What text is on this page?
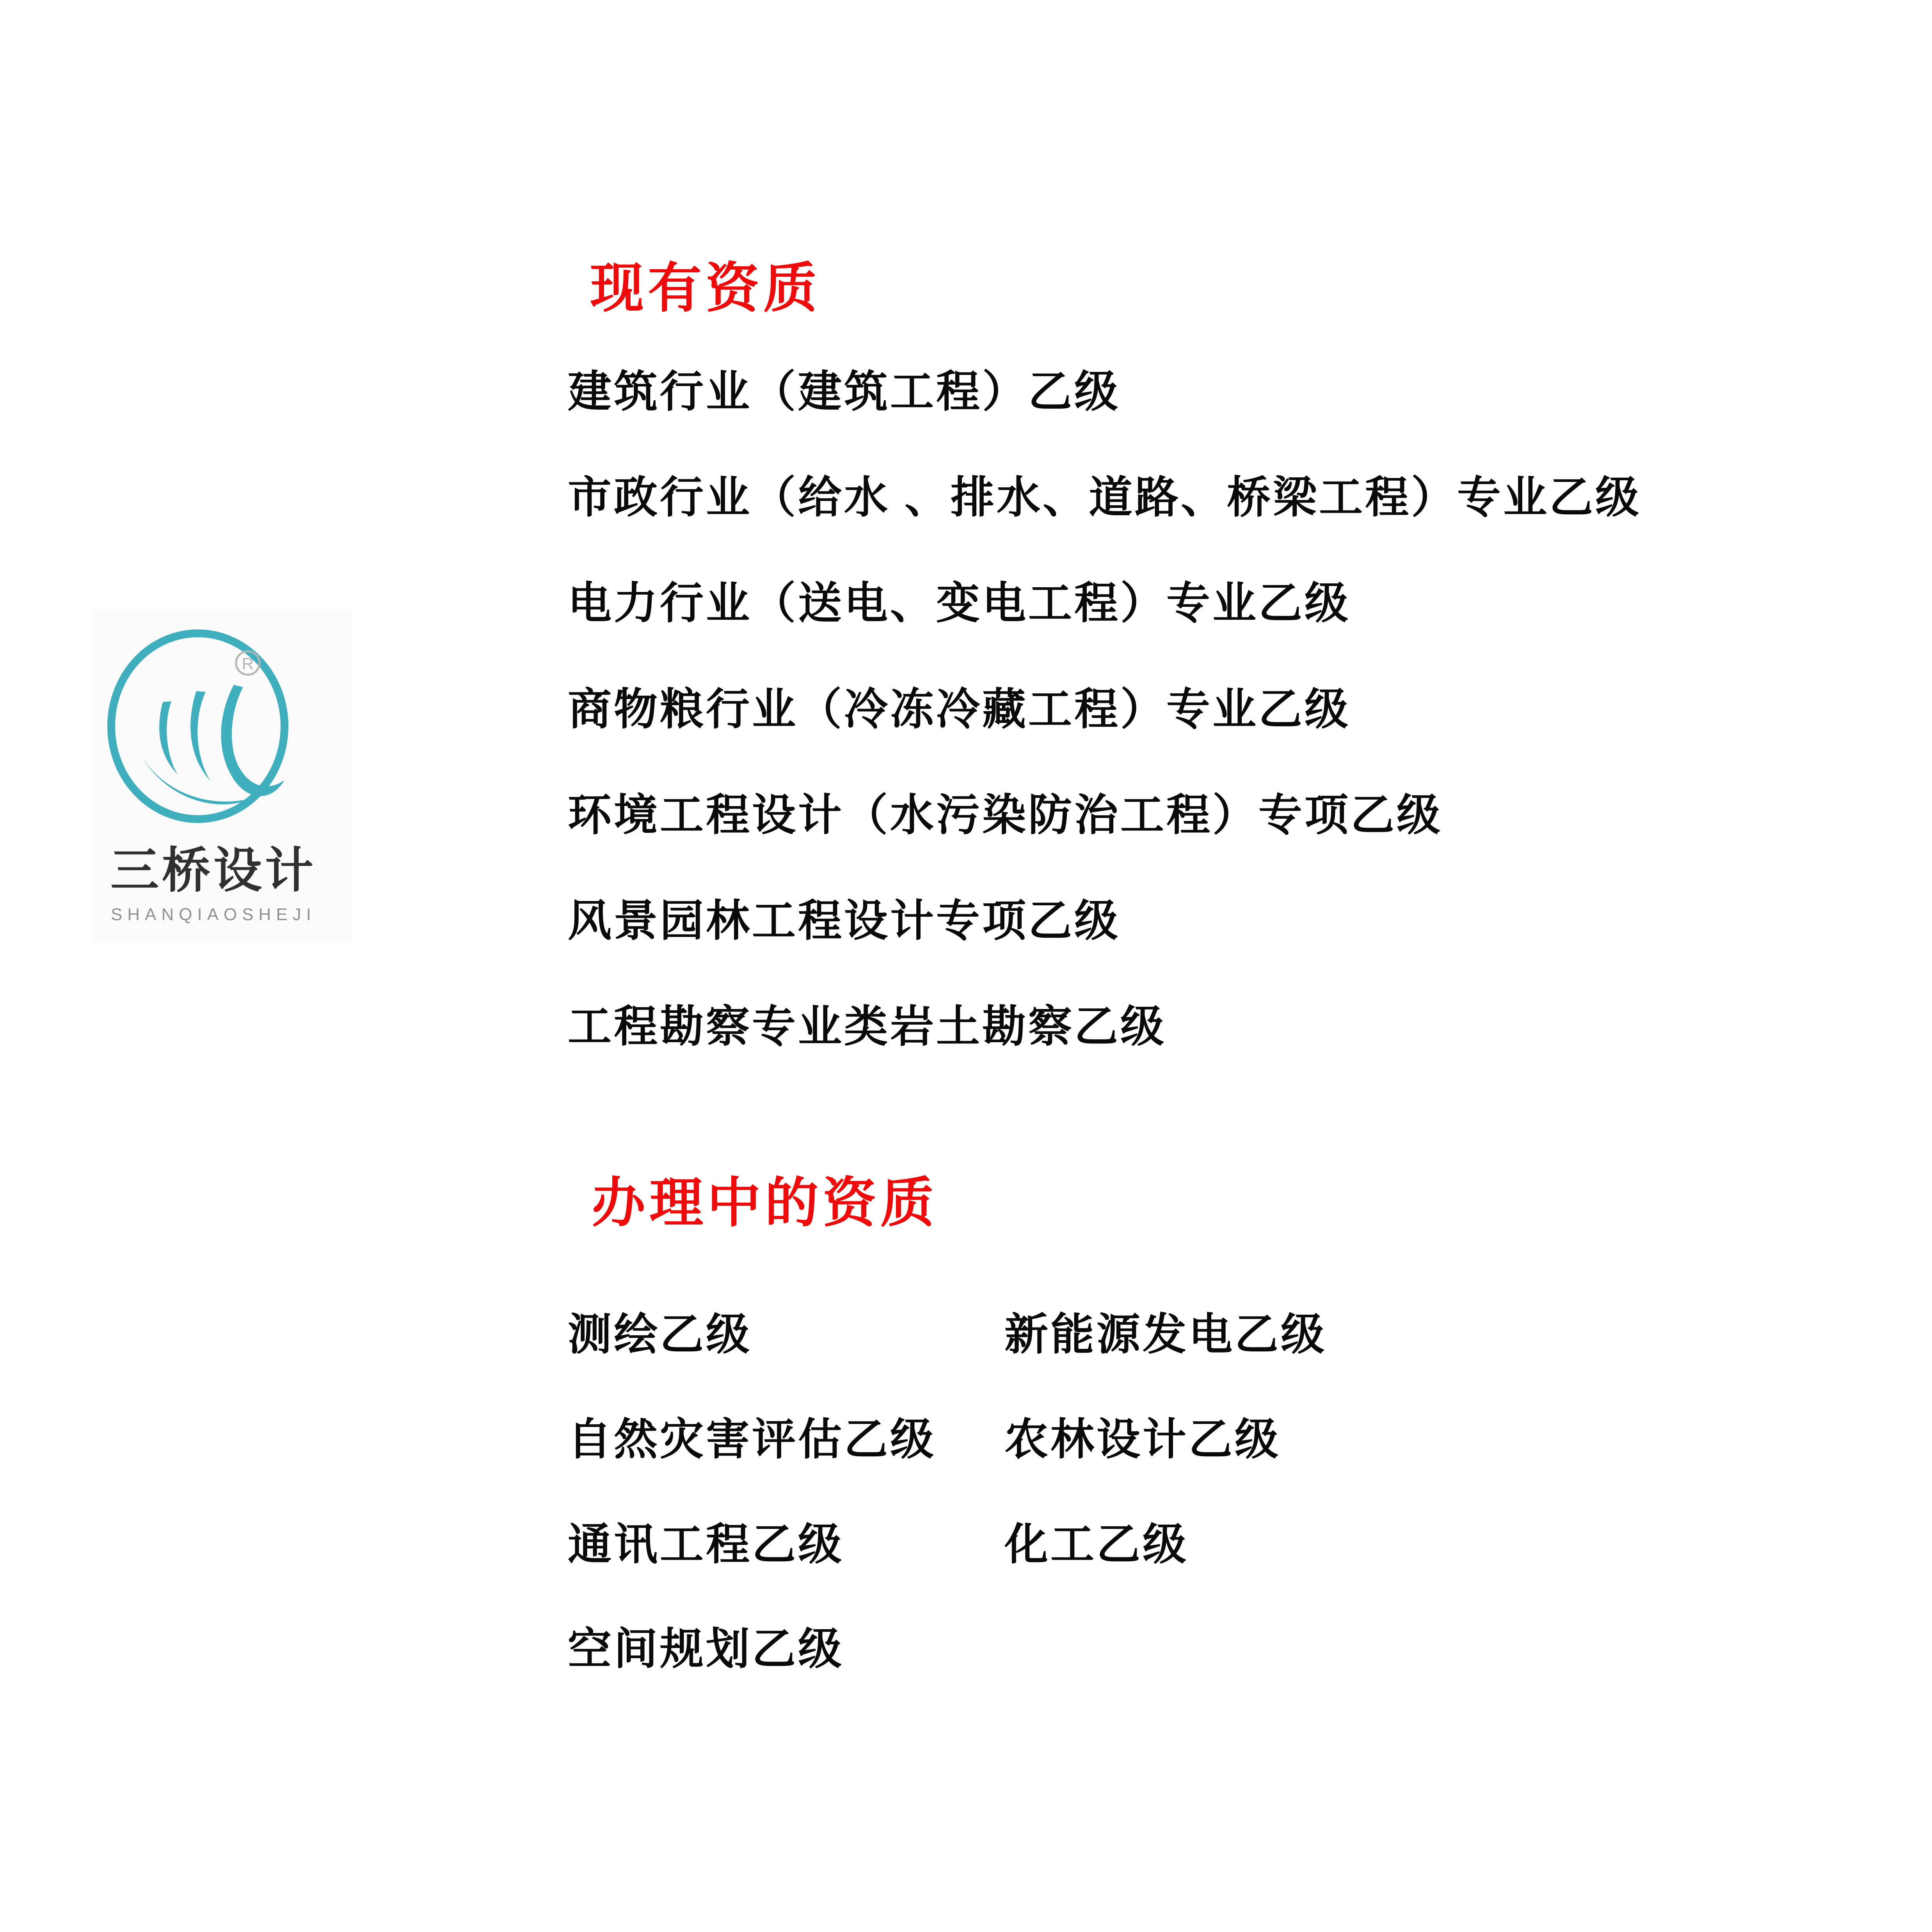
R
三桥设计
SHANQIAOSHEJI
现有资质
建筑行业（建筑工程）乙级
市政行业（给水 、排水、道路、桥梁工程）专业乙级
电力行业（送电、变电工程）专业乙级
商物粮行业（冷冻冷藏工程）专业乙级
环境工程设计（水污染防治工程）专项乙级
风景园林工程设计专项乙级
工程勘察专业类岩土勘察乙级
办理中的资质
测绘乙级	新能源发电乙级
自然灾害评估乙级 农林设计乙级
通讯工程乙级	化工乙级
空间规划乙级
